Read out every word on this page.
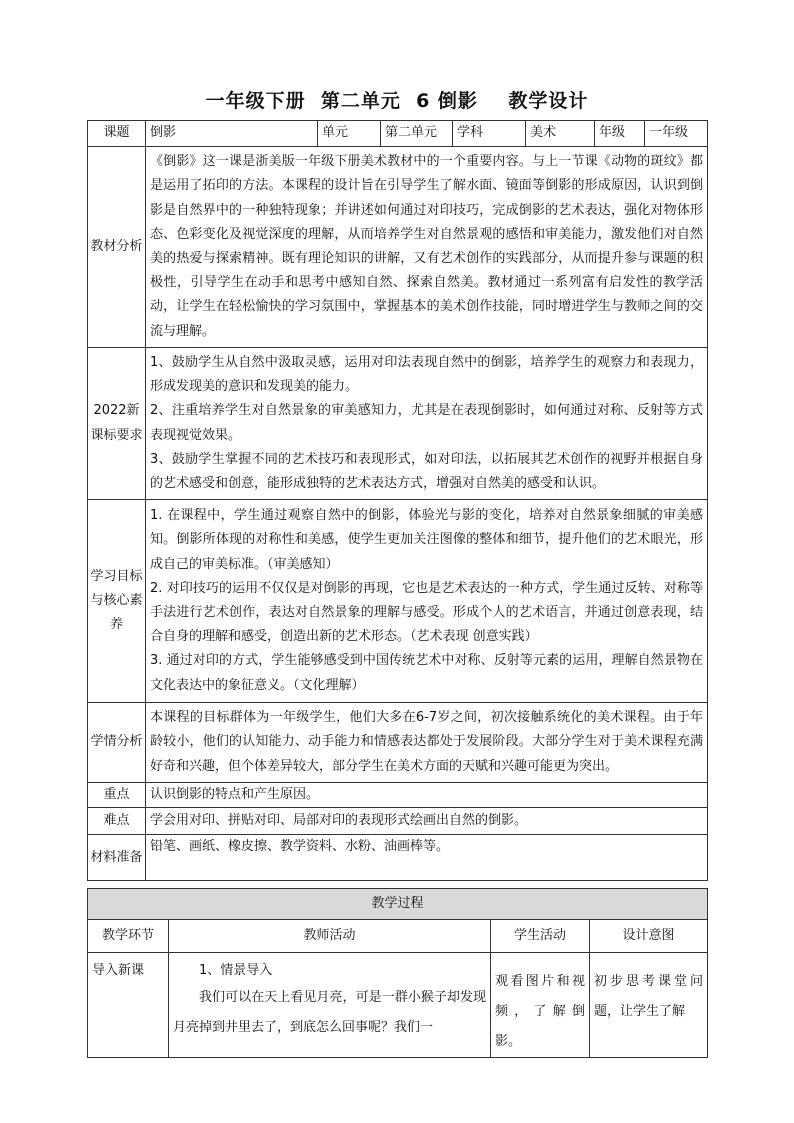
一年级下册  第二单元  6 倒影    教学设计
课题	倒影	单元	第二单元	学科	美术	年级	一年级
教材分析	《倒影》这一课是浙美版一年级下册美术教材中的一个重要内容。与上一节课《动物的斑纹》都是运用了拓印的方法。本课程的设计旨在引导学生了解水面、镜面等倒影的形成原因，认识到倒影是自然界中的一种独特现象；并讲述如何通过对印技巧，完成倒影的艺术表达，强化对物体形态、色彩变化及视觉深度的理解，从而培养学生对自然景观的感悟和审美能力，激发他们对自然美的热爱与探索精神。既有理论知识的讲解，又有艺术创作的实践部分，从而提升参与课题的积极性，引导学生在动手和思考中感知自然、探索自然美。教材通过一系列富有启发性的教学活动，让学生在轻松愉快的学习氛围中，掌握基本的美术创作技能，同时增进学生与教师之间的交流与理解。						
2022新课标要求	1、鼓励学生从自然中汲取灵感，运用对印法表现自然中的倒影，培养学生的观察力和表现力，形成发现美的意识和发现美的能力。
2、注重培养学生对自然景象的审美感知力，尤其是在表现倒影时，如何通过对称、反射等方式表现视觉效果。
3、鼓励学生掌握不同的艺术技巧和表现形式，如对印法，以拓展其艺术创作的视野并根据自身的艺术感受和创意，能形成独特的艺术表达方式，增强对自然美的感受和认识。						

学习目标与核心素养	1. 在课程中，学生通过观察自然中的倒影，体验光与影的变化，培养对自然景象细腻的审美感知。倒影所体现的对称性和美感，使学生更加关注图像的整体和细节，提升他们的艺术眼光，形成自己的审美标准。（审美感知）
2. 对印技巧的运用不仅仅是对倒影的再现，它也是艺术表达的一种方式，学生通过反转、对称等手法进行艺术创作，表达对自然景象的理解与感受。形成个人的艺术语言，并通过创意表现，结合自身的理解和感受，创造出新的艺术形态。（艺术表现 创意实践）
3. 通过对印的方式，学生能够感受到中国传统艺术中对称、反射等元素的运用，理解自然景物在文化表达中的象征意义。（文化理解）						

学情分析	本课程的目标群体为一年级学生，他们大多在6-7岁之间，初次接触系统化的美术课程。由于年龄较小，他们的认知能力、动手能力和情感表达都处于发展阶段。大部分学生对于美术课程充满好奇和兴趣，但个体差异较大，部分学生在美术方面的天赋和兴趣可能更为突出。						
重点	认识倒影的特点和产生原因。						
难点	学会用对印、拼贴对印、局部对印的表现形式绘画出自然的倒影。						
材料准备	铅笔、画纸、橡皮擦、教学资料、水粉、油画棒等。						
教学过程			
教学环节	教师活动	学生活动	设计意图
导入新课	1、情景导入
我们可以在天上看见月亮，可是一群小猴子却发现月亮掉到井里去了，到底怎么回事呢？我们一	观看图片和视频，了解倒影。	初步思考课堂问题，让学生了解
